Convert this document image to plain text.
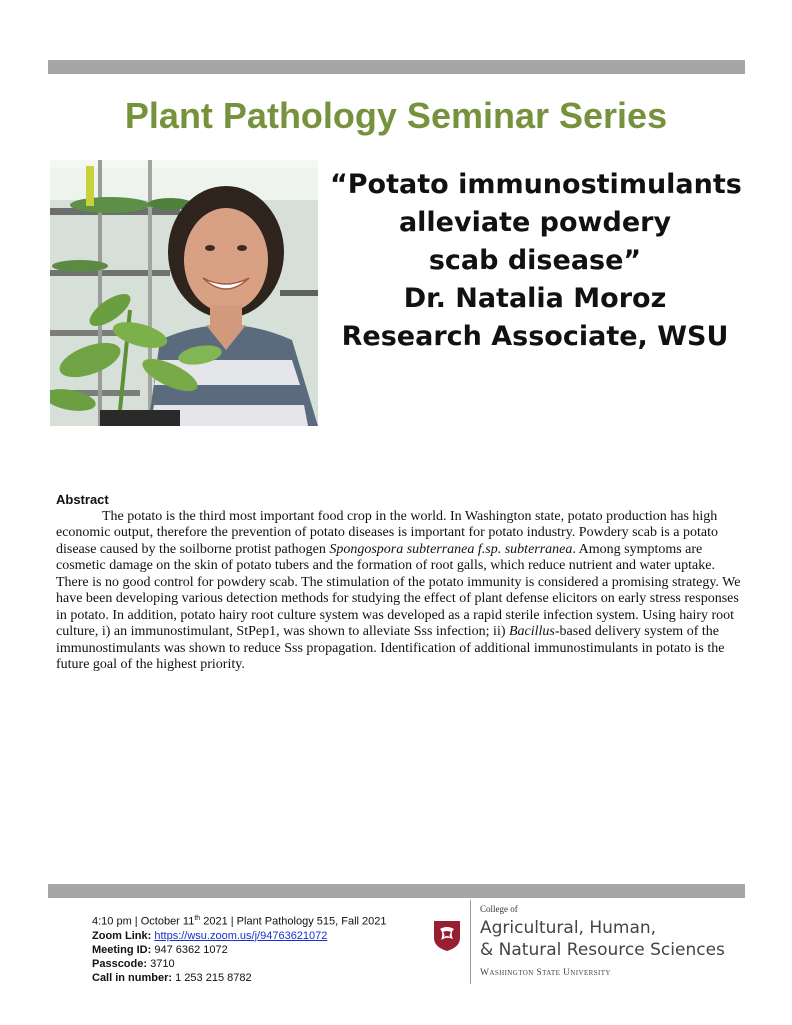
Plant Pathology Seminar Series
“Potato immunostimulants
alleviate powdery
scab disease”
Dr. Natalia Moroz
Research Associate, WSU
Abstract

The potato is the third most important food crop in the world. In Washington state, potato production has high economic output, therefore the prevention of potato diseases is important for potato industry. Powdery scab is a potato disease caused by the soilborne protist pathogen Spongospora subterranea f.sp. subterranea. Among symptoms are cosmetic damage on the skin of potato tubers and the formation of root galls, which reduce nutrient and water uptake.

There is no good control for powdery scab. The stimulation of the potato immunity is considered a promising strategy. We have been developing various detection methods for studying the effect of plant defense elicitors on early stress responses in potato. In addition, potato hairy root culture system was developed as a rapid sterile infection system. Using hairy root culture, i) an immunostimulant, StPep1, was shown to alleviate Sss infection; ii) Bacillus-based delivery system of the immunostimulants was shown to reduce Sss propagation. Identification of additional immunostimulants in potato is the future goal of the highest priority.

4:10 pm | October 11th 2021 | Plant Pathology 515, Fall 2021
Zoom Link: https://wsu.zoom.us/j/94763621072
Meeting ID: 947 6362 1072
Passcode: 3710
Call in number: 1 253 215 8782
College of
Agricultural, Human,
& Natural Resource Sciences
Washington State University
